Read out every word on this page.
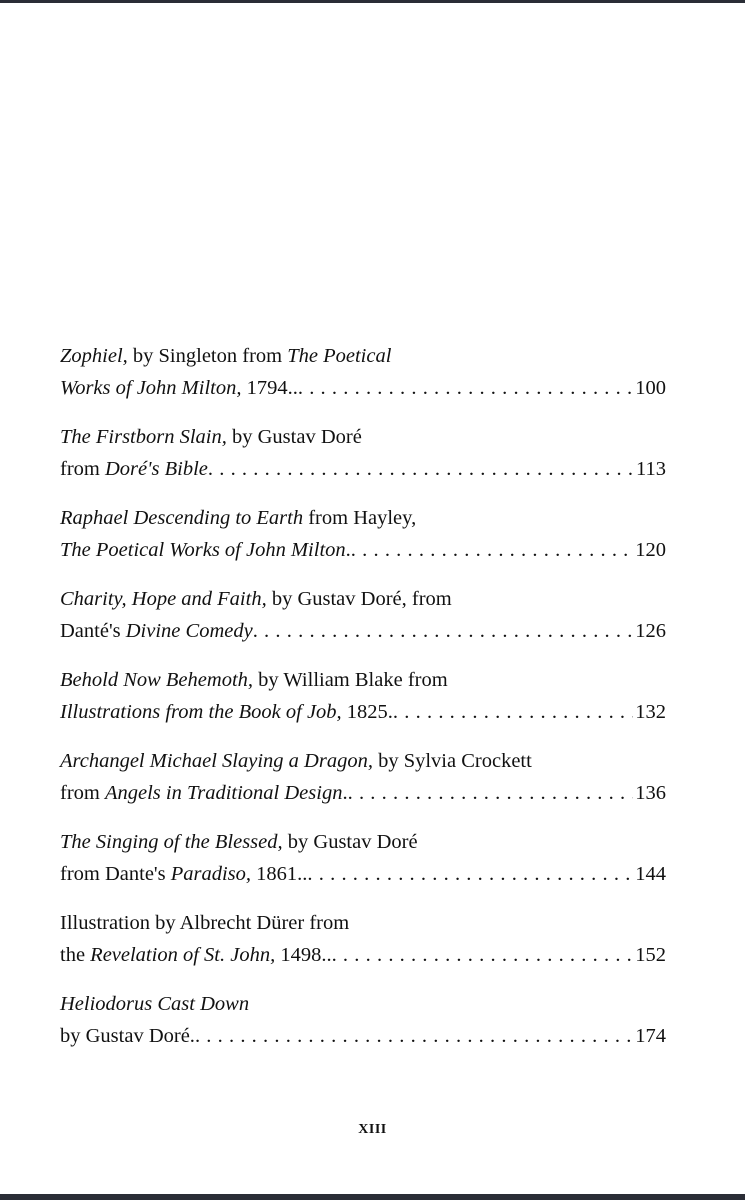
Zophiel, by Singleton from The Poetical
Works of John Milton, 1794.. . . .	100
The Firstborn Slain, by Gustav Doré
from Doré's Bible . . .	113
Raphael Descending to Earth from Hayley,
The Poetical Works of John Milton. . . .	120
Charity, Hope and Faith, by Gustav Doré, from
Danté's Divine Comedy . . .	126
Behold Now Behemoth, by William Blake from
Illustrations from the Book of Job, 1825. . . .	132
Archangel Michael Slaying a Dragon, by Sylvia Crockett
from Angels in Traditional Design. . . .	136
The Singing of the Blessed, by Gustav Doré
from Dante's Paradiso, 1861.. . . .	144
Illustration by Albrecht Dürer from
the Revelation of St. John, 1498.. . . .	152
Heliodorus Cast Down
by Gustav Doré. . . .	174
XIII
